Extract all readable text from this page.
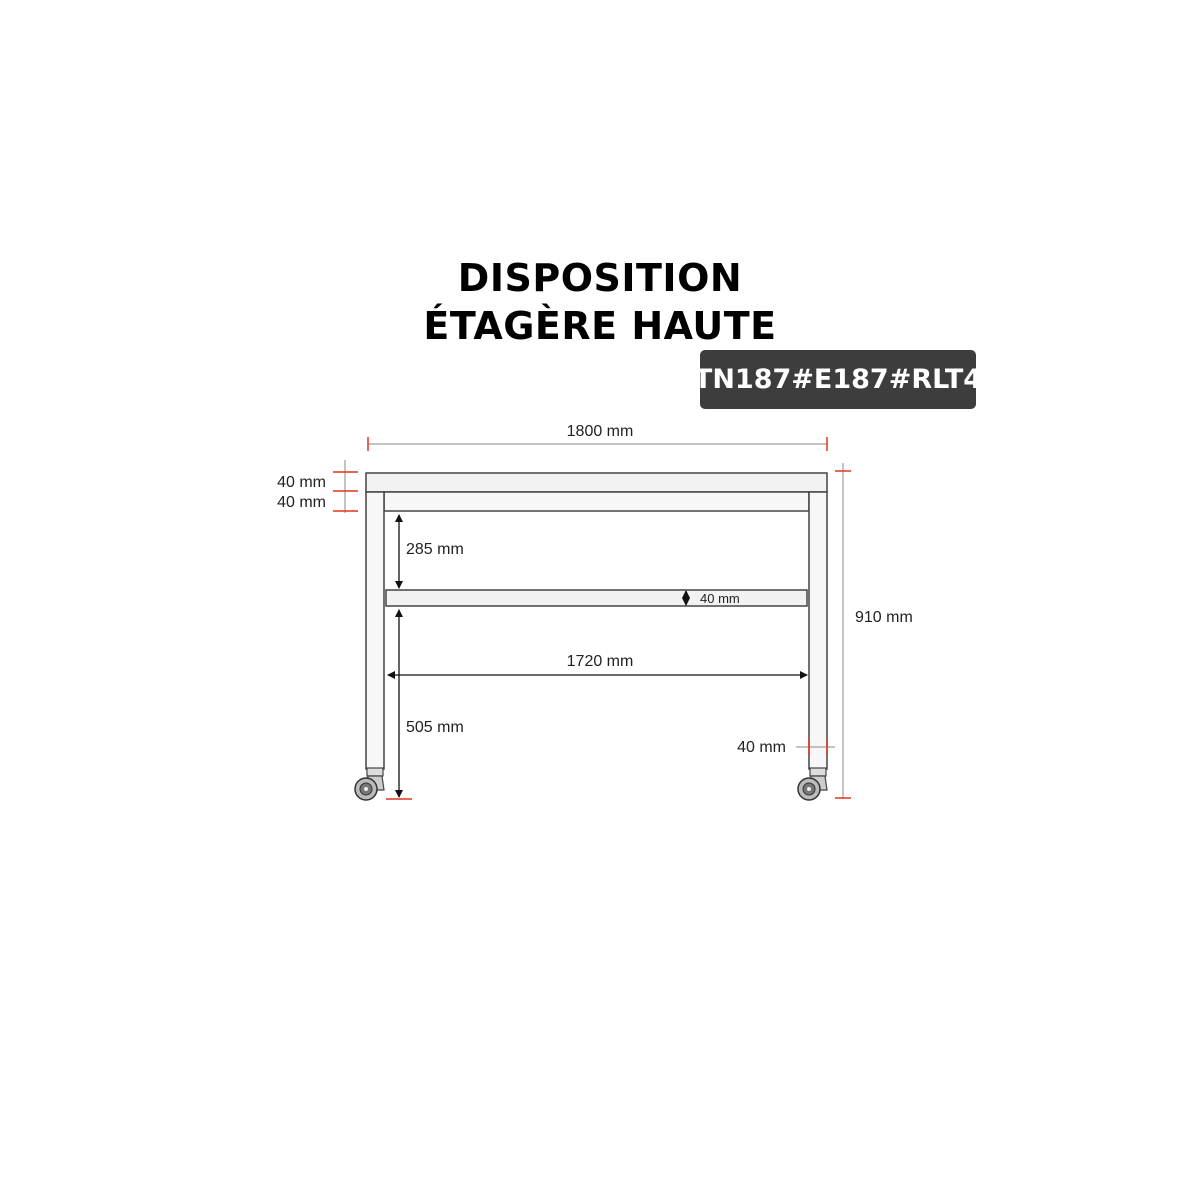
DISPOSITION
ÉTAGÈRE HAUTE
TN187#E187#RLT4
1800 mm
40 mm
40 mm
285 mm
40 mm
910 mm
1720 mm
505 mm
40 mm
